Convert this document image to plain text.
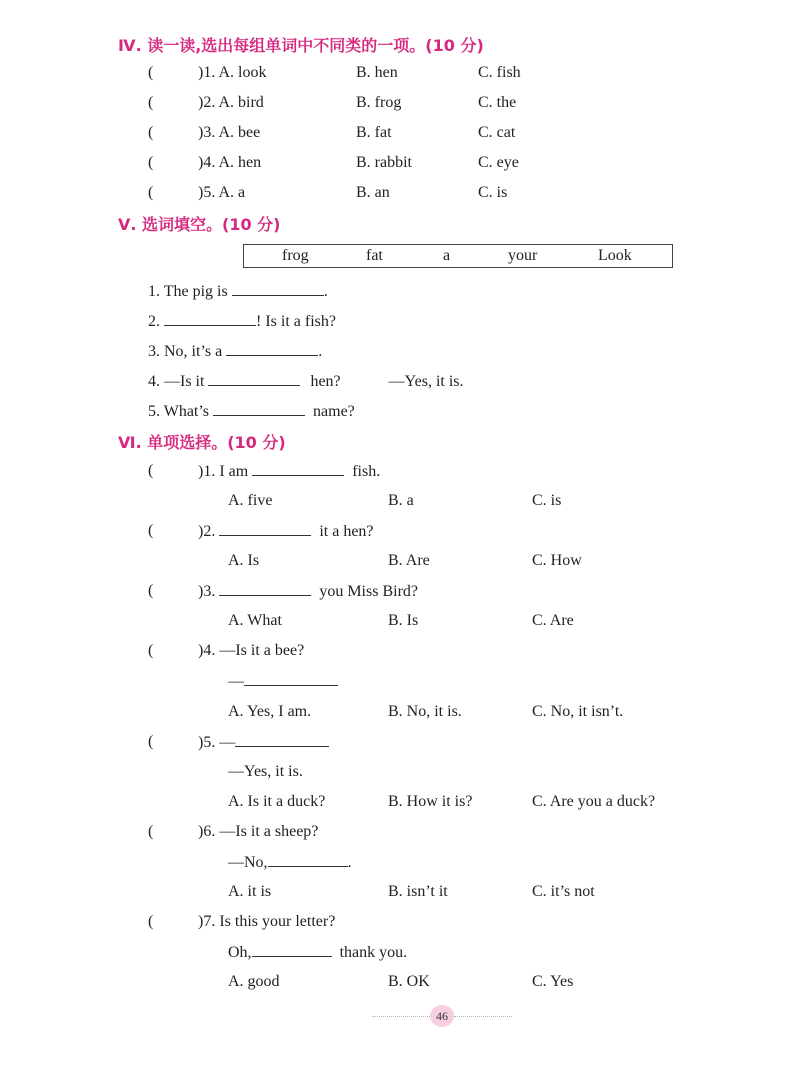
Ⅳ. 读一读,选出每组单词中不同类的一项。(10 分)
(	)1. A. look	B. hen	C. fish
(	)2. A. bird	B. frog	C. the
(	)3. A. bee	B. fat	C. cat
(	)4. A. hen	B. rabbit	C. eye
(	)5. A. a	B. an	C. is
Ⅴ. 选词填空。(10 分)
frog	fat	a	your	Look
1. The pig is	.
2.	! Is it a fish?
3. No, it’s a	.
4. —Is it	hen?	—Yes, it is.
5. What’s	name?
Ⅵ. 单项选择。(10 分)
(	)1. I am	fish.
A. five	B. a	C. is
(	)2.	it a hen?
A. Is	B. Are	C. How
(	)3.	you Miss Bird?
A. What	B. Is	C. Are
(	)4. —Is it a bee?
—
A. Yes, I am.	B. No, it is.	C. No, it isn’t.
(	)5. —
—Yes, it is.
A. Is it a duck?	B. How it is?	C. Are you a duck?
(	)6. —Is it a sheep?
—No,	.
A. it is	B. isn’t it	C. it’s not
(	)7. Is this your letter?
Oh,	thank you.
A. good	B. OK	C. Yes
46
